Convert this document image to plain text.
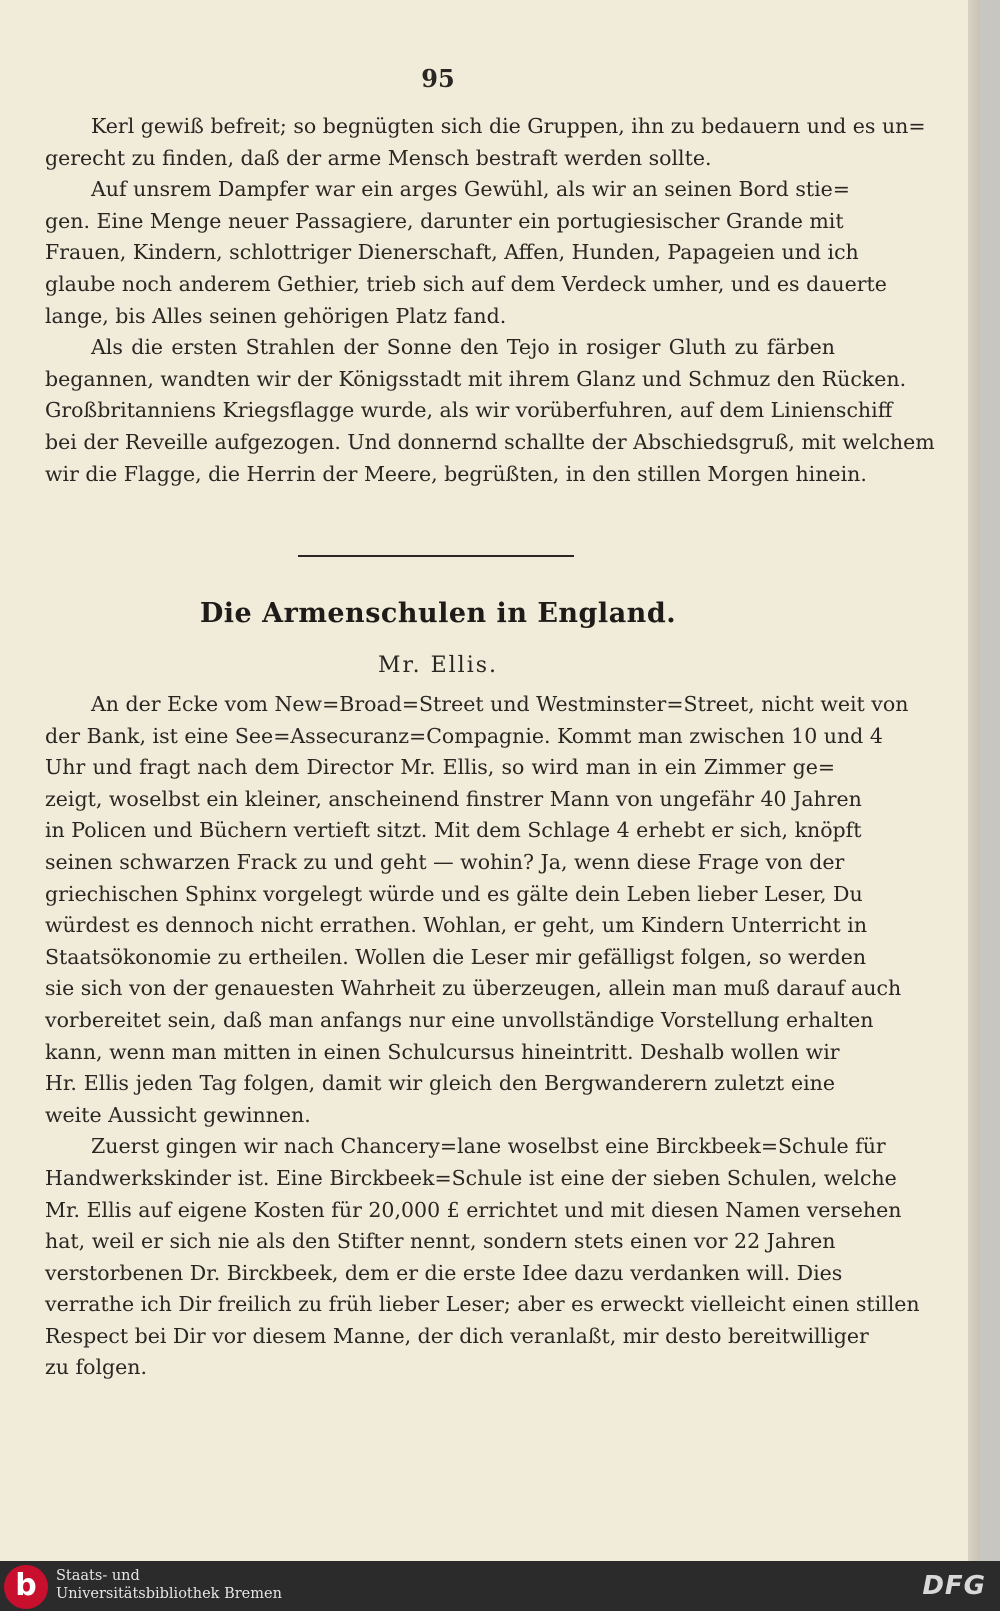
95
Kerl gewiß befreit; so begnügten sich die Gruppen, ihn zu bedauern und es un=
gerecht zu finden, daß der arme Mensch bestraft werden sollte.
Auf unsrem Dampfer war ein arges Gewühl, als wir an seinen Bord stie=
gen. Eine Menge neuer Passagiere, darunter ein portugiesischer Grande mit
Frauen, Kindern, schlottriger Dienerschaft, Affen, Hunden, Papageien und ich
glaube noch anderem Gethier, trieb sich auf dem Verdeck umher, und es dauerte
lange, bis Alles seinen gehörigen Platz fand.
Als die ersten Strahlen der Sonne den Tejo in rosiger Gluth zu färben
begannen, wandten wir der Königsstadt mit ihrem Glanz und Schmuz den Rücken.
Großbritanniens Kriegsflagge wurde, als wir vorüberfuhren, auf dem Linienschiff
bei der Reveille aufgezogen. Und donnernd schallte der Abschiedsgruß, mit welchem
wir die Flagge, die Herrin der Meere, begrüßten, in den stillen Morgen hinein.
Die Armenschulen in England.
Mr. Ellis.
An der Ecke vom New=Broad=Street und Westminster=Street, nicht weit von
der Bank, ist eine See=Assecuranz=Compagnie. Kommt man zwischen 10 und 4
Uhr und fragt nach dem Director Mr. Ellis, so wird man in ein Zimmer ge=
zeigt, woselbst ein kleiner, anscheinend finstrer Mann von ungefähr 40 Jahren
in Policen und Büchern vertieft sitzt. Mit dem Schlage 4 erhebt er sich, knöpft
seinen schwarzen Frack zu und geht — wohin? Ja, wenn diese Frage von der
griechischen Sphinx vorgelegt würde und es gälte dein Leben lieber Leser, Du
würdest es dennoch nicht errathen. Wohlan, er geht, um Kindern Unterricht in
Staatsökonomie zu ertheilen. Wollen die Leser mir gefälligst folgen, so werden
sie sich von der genauesten Wahrheit zu überzeugen, allein man muß darauf auch
vorbereitet sein, daß man anfangs nur eine unvollständige Vorstellung erhalten
kann, wenn man mitten in einen Schulcursus hineintritt. Deshalb wollen wir
Hr. Ellis jeden Tag folgen, damit wir gleich den Bergwanderern zuletzt eine
weite Aussicht gewinnen.
Zuerst gingen wir nach Chancery=lane woselbst eine Birckbeek=Schule für
Handwerkskinder ist. Eine Birckbeek=Schule ist eine der sieben Schulen, welche
Mr. Ellis auf eigene Kosten für 20,000 £ errichtet und mit diesen Namen versehen
hat, weil er sich nie als den Stifter nennt, sondern stets einen vor 22 Jahren
verstorbenen Dr. Birckbeek, dem er die erste Idee dazu verdanken will. Dies
verrathe ich Dir freilich zu früh lieber Leser; aber es erweckt vielleicht einen stillen
Respect bei Dir vor diesem Manne, der dich veranlaßt, mir desto bereitwilliger
zu folgen.
b	Staats- und
Universitätsbibliothek Bremen	DFG
